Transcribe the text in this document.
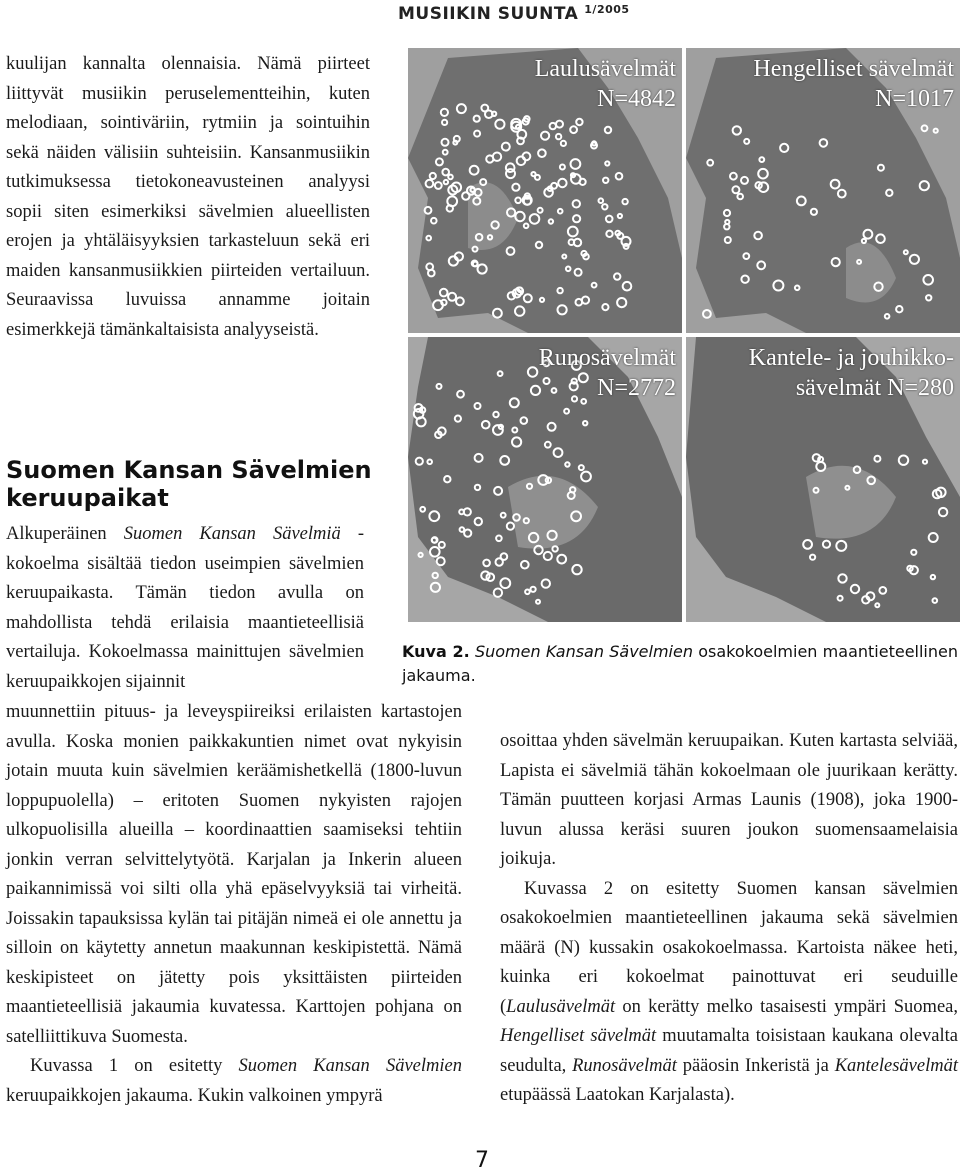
MUSIIKIN SUUNTA $^{1/2005}$

kuulijan kannalta olennaisia. Nämä piirteet liittyvät musiikin peruselementteihin, kuten melodiaan, sointiväriin, rytmiin ja sointuihin sekä näiden välisiin suhteisiin. Kansanmusiikin tutkimuksessa tietokoneavusteinen analyysi sopii siten esimerkiksi sävelmien alueellisten erojen ja yhtäläisyyksien tarkasteluun sekä eri maiden kansanmusiikkien piirteiden vertailuun. Seuraavissa luvuissa annamme joitain esimerkkejä tämänkaltaisista analyyseistä.

Suomen Kansan Sävelmien keruupaikat

Alkuperäinen Suomen Kansan Sävelmiä -kokoelma sisältää tiedon useimpien sävelmien keruupaikasta. Tämän tiedon avulla on mahdollista tehdä erilaisia maantieteellisiä vertailuja. Kokoelmassa mainittujen sävelmien keruupaikkojen sijainnit

muunnettiin pituus- ja leveyspiireiksi erilaisten kartastojen avulla. Koska monien paikkakuntien nimet ovat nykyisin jotain muuta kuin sävelmien keräämishetkellä (1800-luvun loppupuolella) – eritoten Suomen nykyisten rajojen ulkopuolisilla alueilla – koordinaattien saamiseksi tehtiin jonkin verran selvittelytyötä. Karjalan ja Inkerin alueen paikannimissä voi silti olla yhä epäselvyyksiä tai virheitä. Joissakin tapauksissa kylän tai pitäjän nimeä ei ole annettu ja silloin on käytetty annetun maakunnan keskipistettä. Nämä keskipisteet on jätetty pois yksittäisten piirteiden maantieteellisiä jakaumia kuvatessa. Karttojen pohjana on satelliittikuva Suomesta.

Kuvassa 1 on esitetty Suomen Kansan Sävelmien keruupaikkojen jakauma. Kukin valkoinen ympyrä

Laulusävelmät
N=4842
Hengelliset sävelmät
N=1017
Runosävelmät
N=2772
Kantele- ja jouhikko-
sävelmät N=280
Kuva 2. Suomen Kansan Sävelmien osakokoelmien maantieteellinen jakauma.

osoittaa yhden sävelmän keruupaikan. Kuten kartasta selviää, Lapista ei sävelmiä tähän kokoelmaan ole juurikaan kerätty. Tämän puutteen korjasi Armas Launis (1908), joka 1900-luvun alussa keräsi suuren joukon suomensaamelaisia joikuja.

Kuvassa 2 on esitetty Suomen kansan sävelmien osakokoelmien maantieteellinen jakauma sekä sävelmien määrä (N) kussakin osakokoelmassa. Kartoista näkee heti, kuinka eri kokoelmat painottuvat eri seuduille (Laulusävelmät on kerätty melko tasaisesti ympäri Suomea, Hengelliset sävelmät muutamalta toisistaan kaukana olevalta seudulta, Runosävelmät pääosin Inkeristä ja Kantelesävelmät etupäässä Laatokan Karjalasta).

7
